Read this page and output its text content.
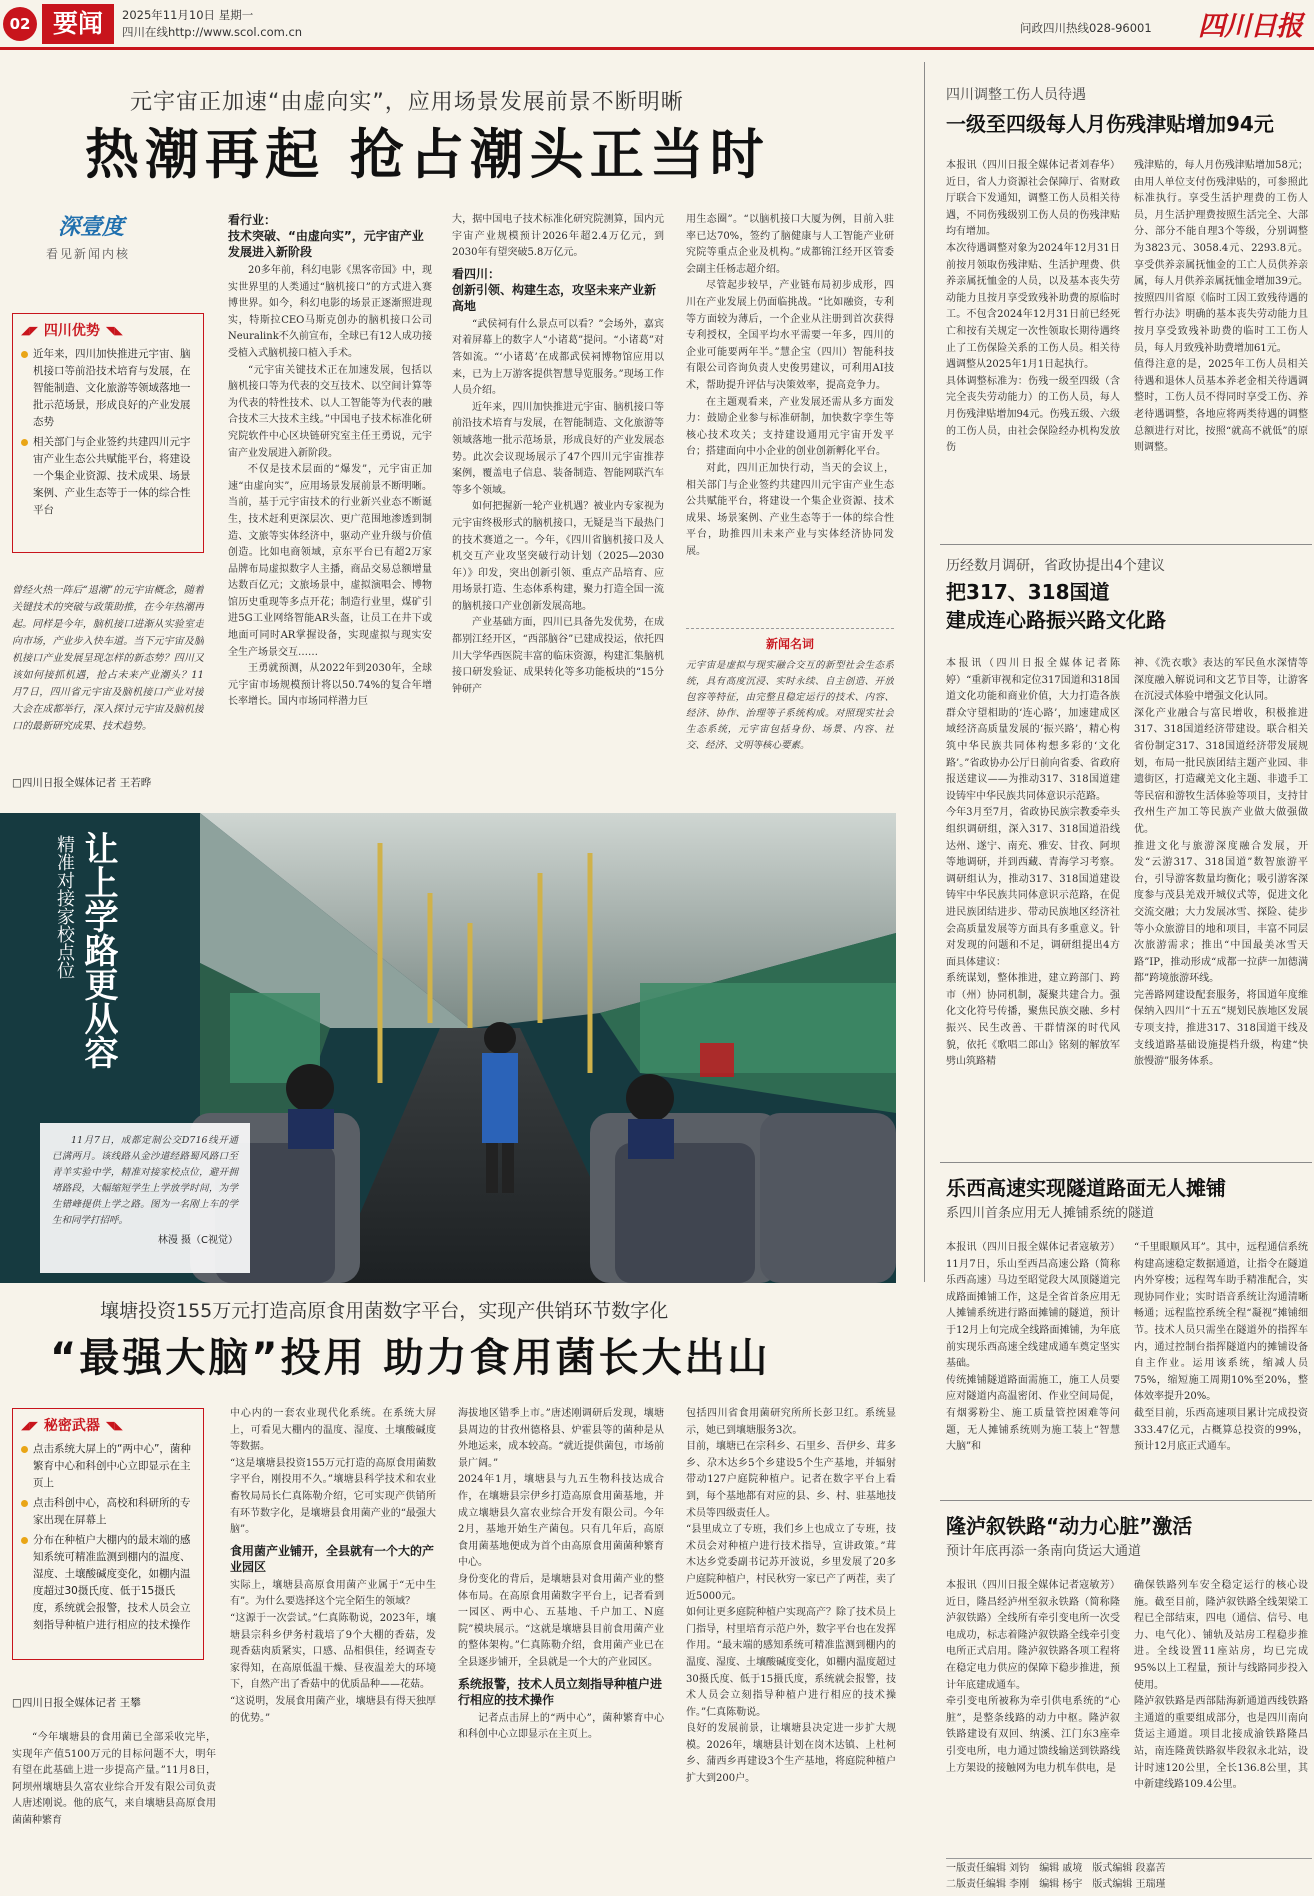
02 要闻	2025年11月10日 星期一
四川在线http://www.scol.com.cn	问政四川热线028-96001	四川日报
元宇宙正加速“由虚向实”，应用场景发展前景不断明晰
热潮再起 抢占潮头正当时
深壹度
看见新闻内核
◢◤ 四川优势 ◥◣
近年来，四川加快推进元宇宙、脑机接口等前沿技术培育与发展，在智能制造、文化旅游等领域落地一批示范场景，形成良好的产业发展态势
相关部门与企业签约共建四川元宇宙产业生态公共赋能平台，将建设一个集企业资源、技术成果、场景案例、产业生态等于一体的综合性平台
曾经火热一阵后“退潮”的元宇宙概念，随着关键技术的突破与政策助推，在今年热潮再起。同样是今年，脑机接口进渐从实验室走向市场，产业步入快车道。当下元宇宙及脑机接口产业发展呈现怎样的新态势？四川又该如何接抓机遇，抢占未来产业潮头？11月7日，四川省元宇宙及脑机接口产业对接大会在成都举行，深入探讨元宇宙及脑机接口的最新研究成果、技术趋势。
□四川日报全媒体记者 王若晔
看行业：
技术突破、“由虚向实”，元宇宙产业发展进入新阶段

20多年前，科幻电影《黑客帝国》中，现实世界里的人类通过“脑机接口”的方式进入赛博世界。如今，科幻电影的场景正逐渐照进现实，特斯拉CEO马斯克创办的脑机接口公司Neuralink不久前宣布，全球已有12人成功接受植入式脑机接口植入手术。

“元宇宙关键技术正在加速发展，包括以脑机接口等为代表的交互技术、以空间计算等为代表的特性技术、以人工智能等为代表的融合技术三大技术主线。”中国电子技术标准化研究院软件中心区块链研究室主任王勇说，元宇宙产业发展进入新阶段。

不仅是技术层面的“爆发”，元宇宙正加速“由虚向实”，应用场景发展前景不断明晰。当前，基于元宇宙技术的行业新兴业态不断诞生，技术赶利更深层次、更广范围地渗透到制造、文旅等实体经济中，驱动产业升级与价值创造。比如电商领域，京东平台已有超2万家品牌布局虚拟数字人主播，商品交易总额增量达数百亿元；文旅场景中，虚拟演唱会、博物馆历史重现等多点开花；制造行业里，煤矿引进5G工业网络智能AR头盔，让员工在井下或地面可同时AR掌握设备，实现虚拟与现实安全生产场景交互……

王勇就预测，从2022年到2030年，全球元宇宙市场规模预计将以50.74%的复合年增长率增长。国内市场同样潜力巨

大，据中国电子技术标准化研究院测算，国内元宇宙产业规模预计2026年超2.4万亿元，到2030年有望突破5.8万亿元。

看四川：
创新引领、构建生态，攻坚未来产业新高地

“武侯祠有什么景点可以看？”会场外，嘉宾对着屏幕上的数字人“小诸葛”提问。“小诸葛”对答如流。“‘小诸葛’在成都武侯祠博物馆应用以来，已为上万游客提供智慧导览服务。”现场工作人员介绍。

近年来，四川加快推进元宇宙、脑机接口等前沿技术培育与发展，在智能制造、文化旅游等领域落地一批示范场景，形成良好的产业发展态势。此次会议现场展示了47个四川元宇宙推荐案例，覆盖电子信息、装备制造、智能网联汽车等多个领域。

如何把握新一轮产业机遇？被业内专家视为元宇宙终极形式的脑机接口，无疑是当下最热门的技术赛道之一。今年，《四川省脑机接口及人机交互产业攻坚突破行动计划（2025—2030年）》印发，突出创新引领、重点产品培育、应用场景打造、生态体系构建，聚力打造全国一流的脑机接口产业创新发展高地。

产业基础方面，四川已具备先发优势，在成都别江经开区，“西部脑谷”已建成投运，依托四川大学华西医院丰富的临床资源，构建汇集脑机接口研发验证、成果转化等多功能板块的“15分钟研产

用生态圈”。“以脑机接口大厦为例，目前入驻率已达70%，签约了脑健康与人工智能产业研究院等重点企业及机构。”成都锦江经开区管委会副主任杨志超介绍。

尽管起步较早，产业链布局初步成形，四川在产业发展上仍面临挑战。“比如融资，专利等方面较为薄后，一个企业从注册到首次获得专利授权，全国平均水平需要一年多，四川的企业可能要两年半。”慧企宝（四川）智能科技有限公司咨询负责人史俊男建议，可利用AI技术，帮助提升评估与决策效率，提高竞争力。

在主题观看来，产业发展还需从多方面发力：鼓励企业参与标准研制，加快数字孪生等核心技术攻关；支持建设通用元宇宙开发平台；搭建面向中小企业的创业创新孵化平台。

对此，四川正加快行动，当天的会议上，相关部门与企业签约共建四川元宇宙产业生态公共赋能平台，将建设一个集企业资源、技术成果、场景案例、产业生态等于一体的综合性平台，助推四川未来产业与实体经济协同发展。

新闻名词
元宇宙是虚拟与现实融合交互的新型社会生态系统，具有高度沉浸、实时永续、自主创造、开放包容等特征，由完整且稳定运行的技术、内容、经济、协作、治理等子系统构成。对照现实社会生态系统，元宇宙包括身份、场景、内容、社交、经济、文明等核心要素。
让上学路更从容
精准对接家校点位
11月7日，成都定制公交D716线开通已满两月。该线路从金沙道经路蜀风路口至青羊实验中学，精准对接家校点位，避开拥堵路段，大幅缩短学生上学放学时间，为学生错峰提供上学之路。图为一名刚上车的学生和同学打招呼。
林漫 摄（C视觉）
四川调整工伤人员待遇
一级至四级每人月伤残津贴增加94元
本报讯（四川日报全媒体记者刘春华）近日，省人力资源社会保障厅、省财政厅联合下发通知，调整工伤人员相关待遇，不同伤残级别工伤人员的伤残津贴均有增加。
本次待遇调整对象为2024年12月31日前按月领取伤残津贴、生活护理费、供养亲属抚恤金的人员，以及基本丧失劳动能力且按月享受致残补助费的原临时工。不包含2024年12月31日前已经死亡和按有关规定一次性领取长期待遇终止了工伤保险关系的工伤人员。相关待遇调整从2025年1月1日起执行。
具体调整标准为：伤残一级至四级（含完全丧失劳动能力）的工伤人员，每人月伤残津贴增加94元。伤残五级、六级的工伤人员，由社会保险经办机构发放伤
残津贴的，每人月伤残津贴增加58元；由用人单位支付伤残津贴的，可参照此标准执行。享受生活护理费的工伤人员，月生活护理费按照生活完全、大部分、部分不能自理3个等级，分别调整为3823元、3058.4元、2293.8元。享受供养亲属抚恤金的工亡人员供养亲属，每人月供养亲属抚恤金增加39元。按照四川省原《临时工因工致残待遇的暂行办法》明确的基本丧失劳动能力且按月享受致残补助费的临时工工伤人员，每人月致残补助费增加61元。
值得注意的是，2025年工伤人员相关待遇和退休人员基本养老金相关待遇调整时，工伤人员不得同时享受工伤、养老待遇调整，各地应将两类待遇的调整总额进行对比，按照“就高不就低”的原则调整。
历经数月调研，省政协提出4个建议
把317、318国道
建成连心路振兴路文化路
本报讯（四川日报全媒体记者陈婷）“重新审视和定位317国道和318国道文化功能和商业价值，大力打造各族群众守望相助的‘连心路’，加速建成区域经济高质量发展的‘振兴路’，精心构筑中华民族共同体构想多彩的‘文化路’。”省政协办公厅日前向省委、省政府报送建议——为推动317、318国道建设铸牢中华民族共同体意识示范路。
今年3月至7月，省政协民族宗教委牵头组织调研组，深入317、318国道沿线达州、遂宁、南充、雅安、甘孜、阿坝等地调研，并到西藏、青海学习考察。调研组认为，推动317、318国道建设铸牢中华民族共同体意识示范路，在促进民族团结进步、带动民族地区经济社会高质量发展等方面具有多重意义。针对发现的问题和不足，调研组提出4方面具体建议：
系统谋划，整体推进，建立跨部门、跨市（州）协同机制，凝聚共建合力。强化文化符号传播，聚焦民族交融、乡村振兴、民生改善、干群情深的时代风貌，依托《歌唱二郎山》铭刻的解放军劈山筑路精
神、《洗衣歌》表达的军民鱼水深情等深度融入解说词和文艺节目等，让游客在沉浸式体验中增强文化认同。
深化产业融合与富民增收，积极推进317、318国道经济带建设。联合相关省份制定317、318国道经济带发展规划，布局一批民族团结主题产业园、非遗街区，打造藏羌文化主题、非遗手工等民宿和游牧生活体验等项目，支持甘孜州生产加工等民族产业做大做强做优。
推进文化与旅游深度融合发展，开发“云游317、318国道”数智旅游平台，引导游客数量均衡化；吸引游客深度参与茂县羌戏开城仪式等，促进文化交流交融；大力发展冰雪、探险、徒步等小众旅游目的地和项目，丰富不同层次旅游需求；推出“中国最美冰雪天路”IP，推动形成“成都一拉萨一加德满都”跨境旅游环线。
完善路网建设配套服务，将国道年度维保纳入四川“十五五”规划民族地区发展专项支持，推进317、318国道干线及支线道路基础设施提档升级，构建“快旅慢游”服务体系。
乐西高速实现隧道路面无人摊铺
系四川首条应用无人摊铺系统的隧道
本报讯（四川日报全媒体记者寇敏芳）11月7日，乐山至西昌高速公路（简称乐西高速）马边至昭觉段大凤顶隧道完成路面摊铺工作，这是全省首条应用无人摊铺系统进行路面摊铺的隧道，预计于12月上旬完成全线路面摊铺，为年底前实现乐西高速全线建成通车奠定坚实基础。
传统摊铺隧道路面需施工，施工人员要应对隧道内高温密闭、作业空间局促，有烟雾粉尘、施工质量管控困难等问题，无人摊铺系统则为施工装上“智慧大脑”和
“千里眼顺风耳”。其中，远程通信系统构建高速稳定数据通道，让指令在隧道内外穿梭；远程驾车助手精准配合，实现协同作业；实时语音系统让沟通清晰畅通；远程监控系统全程“凝视”摊铺细节。技术人员只需坐在隧道外的指挥车内，通过控制台指挥隧道内的摊铺设备自主作业。运用该系统，缩减人员75%，缩短施工周期10%至20%，整体效率提升20%。
截至目前，乐西高速项目累计完成投资333.47亿元，占概算总投资的99%，预计12月底正式通车。
隆泸叙铁路“动力心脏”激活
预计年底再添一条南向货运大通道
本报讯（四川日报全媒体记者寇敏芳）近日，隆昌经泸州至叙永铁路（简称隆泸叙铁路）全线所有牵引变电所一次受电成功，标志着隆泸叙铁路全线牵引变电所正式启用。隆泸叙铁路各项工程将在稳定电力供应的保障下稳步推进，预计年底建成通车。
牵引变电所被称为牵引供电系统的“心脏”，是整条线路的动力中枢。隆泸叙铁路建设有双回、纳溪、江门东3座牵引变电所，电力通过馈线输送到铁路线上方架设的接触网为电力机车供电，是
确保铁路列车安全稳定运行的核心设施。截至目前，隆泸叙铁路全线架梁工程已全部结束，四电（通信、信号、电力、电气化）、铺轨及站房工程稳步推进。全线设置11座站房，均已完成95%以上工程量，预计与线路同步投入使用。
隆泸叙铁路是西部陆海新通道西线铁路主通道的重要组成部分，也是四川南向货运主通道。项目北接成渝铁路隆昌站，南连隆黄铁路叙毕段叙永北站，设计时速120公里，全长136.8公里，其中新建线路109.4公里。
壤塘投资155万元打造高原食用菌数字平台，实现产供销环节数字化
“最强大脑”投用 助力食用菌长大出山
◢◤ 秘密武器 ◥◣
点击系统大屏上的“两中心”，菌种繁育中心和科创中心立即显示在主页上
点击科创中心，高校和科研所的专家出现在屏幕上
分布在种植户大棚内的最末端的感知系统可精准监测到棚内的温度、湿度、土壤酸碱度变化，如棚内温度超过30摄氏度、低于15摄氏度，系统就会报警，技术人员会立刻指导种植户进行相应的技术操作
□四川日报全媒体记者 王攀
“今年壤塘县的食用菌已全部采收完毕，实现年产值5100万元的目标问题不大，明年有望在此基础上进一步提高产量。”11月8日，阿坝州壤塘县久富农业综合开发有限公司负责人唐述刚说。他的底气，来自壤塘县高原食用菌菌种繁育
中心内的一套农业现代化系统。在系统大屏上，可看见大棚内的温度、湿度、土壤酸碱度等数据。
“这是壤塘县投资155万元打造的高原食用菌数字平台，刚投用不久。”壤塘县科学技术和农业畜牧局局长仁真陈勒介绍，它可实现产供销所有环节数字化，是壤塘县食用菌产业的“最强大脑”。
食用菌产业铺开，全县就有一个大的产业园区
实际上，壤塘县高原食用菌产业属于“无中生有”。为什么要选择这个完全陌生的领域？
“这源于一次尝试。”仁真陈勒说，2023年，壤塘县宗科乡伊务村栽培了9个大棚的香菇，发现香菇肉质紧实，口感、品相俱佳，经调查专家得知，在高原低温干燥、昼夜温差大的环境下，自然产出了香菇中的优质品种——花菇。
“这说明，发展食用菌产业，壤塘县有得天独厚的优势。”
海拔地区错季上市。”唐述刚调研后发现，壤塘县周边的甘孜州德格县、炉霍县等的菌种是从外地运来，成本较高。“就近提供菌包，市场前景广阔。”
2024年1月，壤塘县与九五生物科技达成合作，在壤塘县宗伊乡打造高原食用菌基地，并成立壤塘县久富农业综合开发有限公司。今年2月，基地开始生产菌包。只有几年后，高原食用菌基地便成为首个由高原食用菌菌种繁育中心。
身份变化的背后，是壤塘县对食用菌产业的整体布局。在高原食用菌数字平台上，记者看到一园区、两中心、五基地、千户加工、N庭院”模块展示。“这就是壤塘县目前食用菌产业的整体架构。”仁真陈勒介绍，食用菌产业已在全县逐步铺开，全县就是一个大的产业园区。
系统报警，技术人员立刻指导种植户进行相应的技术操作
记者点击屏上的“两中心”，菌种繁育中心和科创中心立即显示在主页上。
包括四川省食用菌研究所所长彭卫红。系统显示，她已到壤塘服务3次。
目前，壤塘已在宗科乡、石里乡、吾伊乡、茸多乡、尕木达乡5个乡建设5个生产基地，并辐射带动127户庭院种植户。记者在数字平台上看到，每个基地都有对应的县、乡、村、驻基地技术员等四级责任人。
“县里成立了专班，我们乡上也成立了专班，技术员会对种植户进行技术指导，宣讲政策。”茸木达乡党委副书记苏开波说，乡里发展了20多户庭院种植户，村民秋穷一家已产了两茬，卖了近5000元。
如何让更多庭院种植户实现高产？除了技术员上门指导，村里培育示范户外，数字平台也在发挥作用。“最末端的感知系统可精准监测到棚内的温度、湿度、土壤酸碱度变化，如棚内温度超过30摄氏度、低于15摄氏度，系统就会报警，技术人员会立刻指导种植户进行相应的技术操作。”仁真陈勒说。
良好的发展前景，让壤塘县决定进一步扩大规模。2026年，壤塘县计划在岗木达镇、上杜柯乡、蒲西乡再建设3个生产基地，将庭院种植户扩大到200户。
一版责任编辑 刘钧 编辑 戚境 版式编辑 段嘉苦
二版责任编辑 李刚 编辑 杨宇 版式编辑 王瑞瑾
